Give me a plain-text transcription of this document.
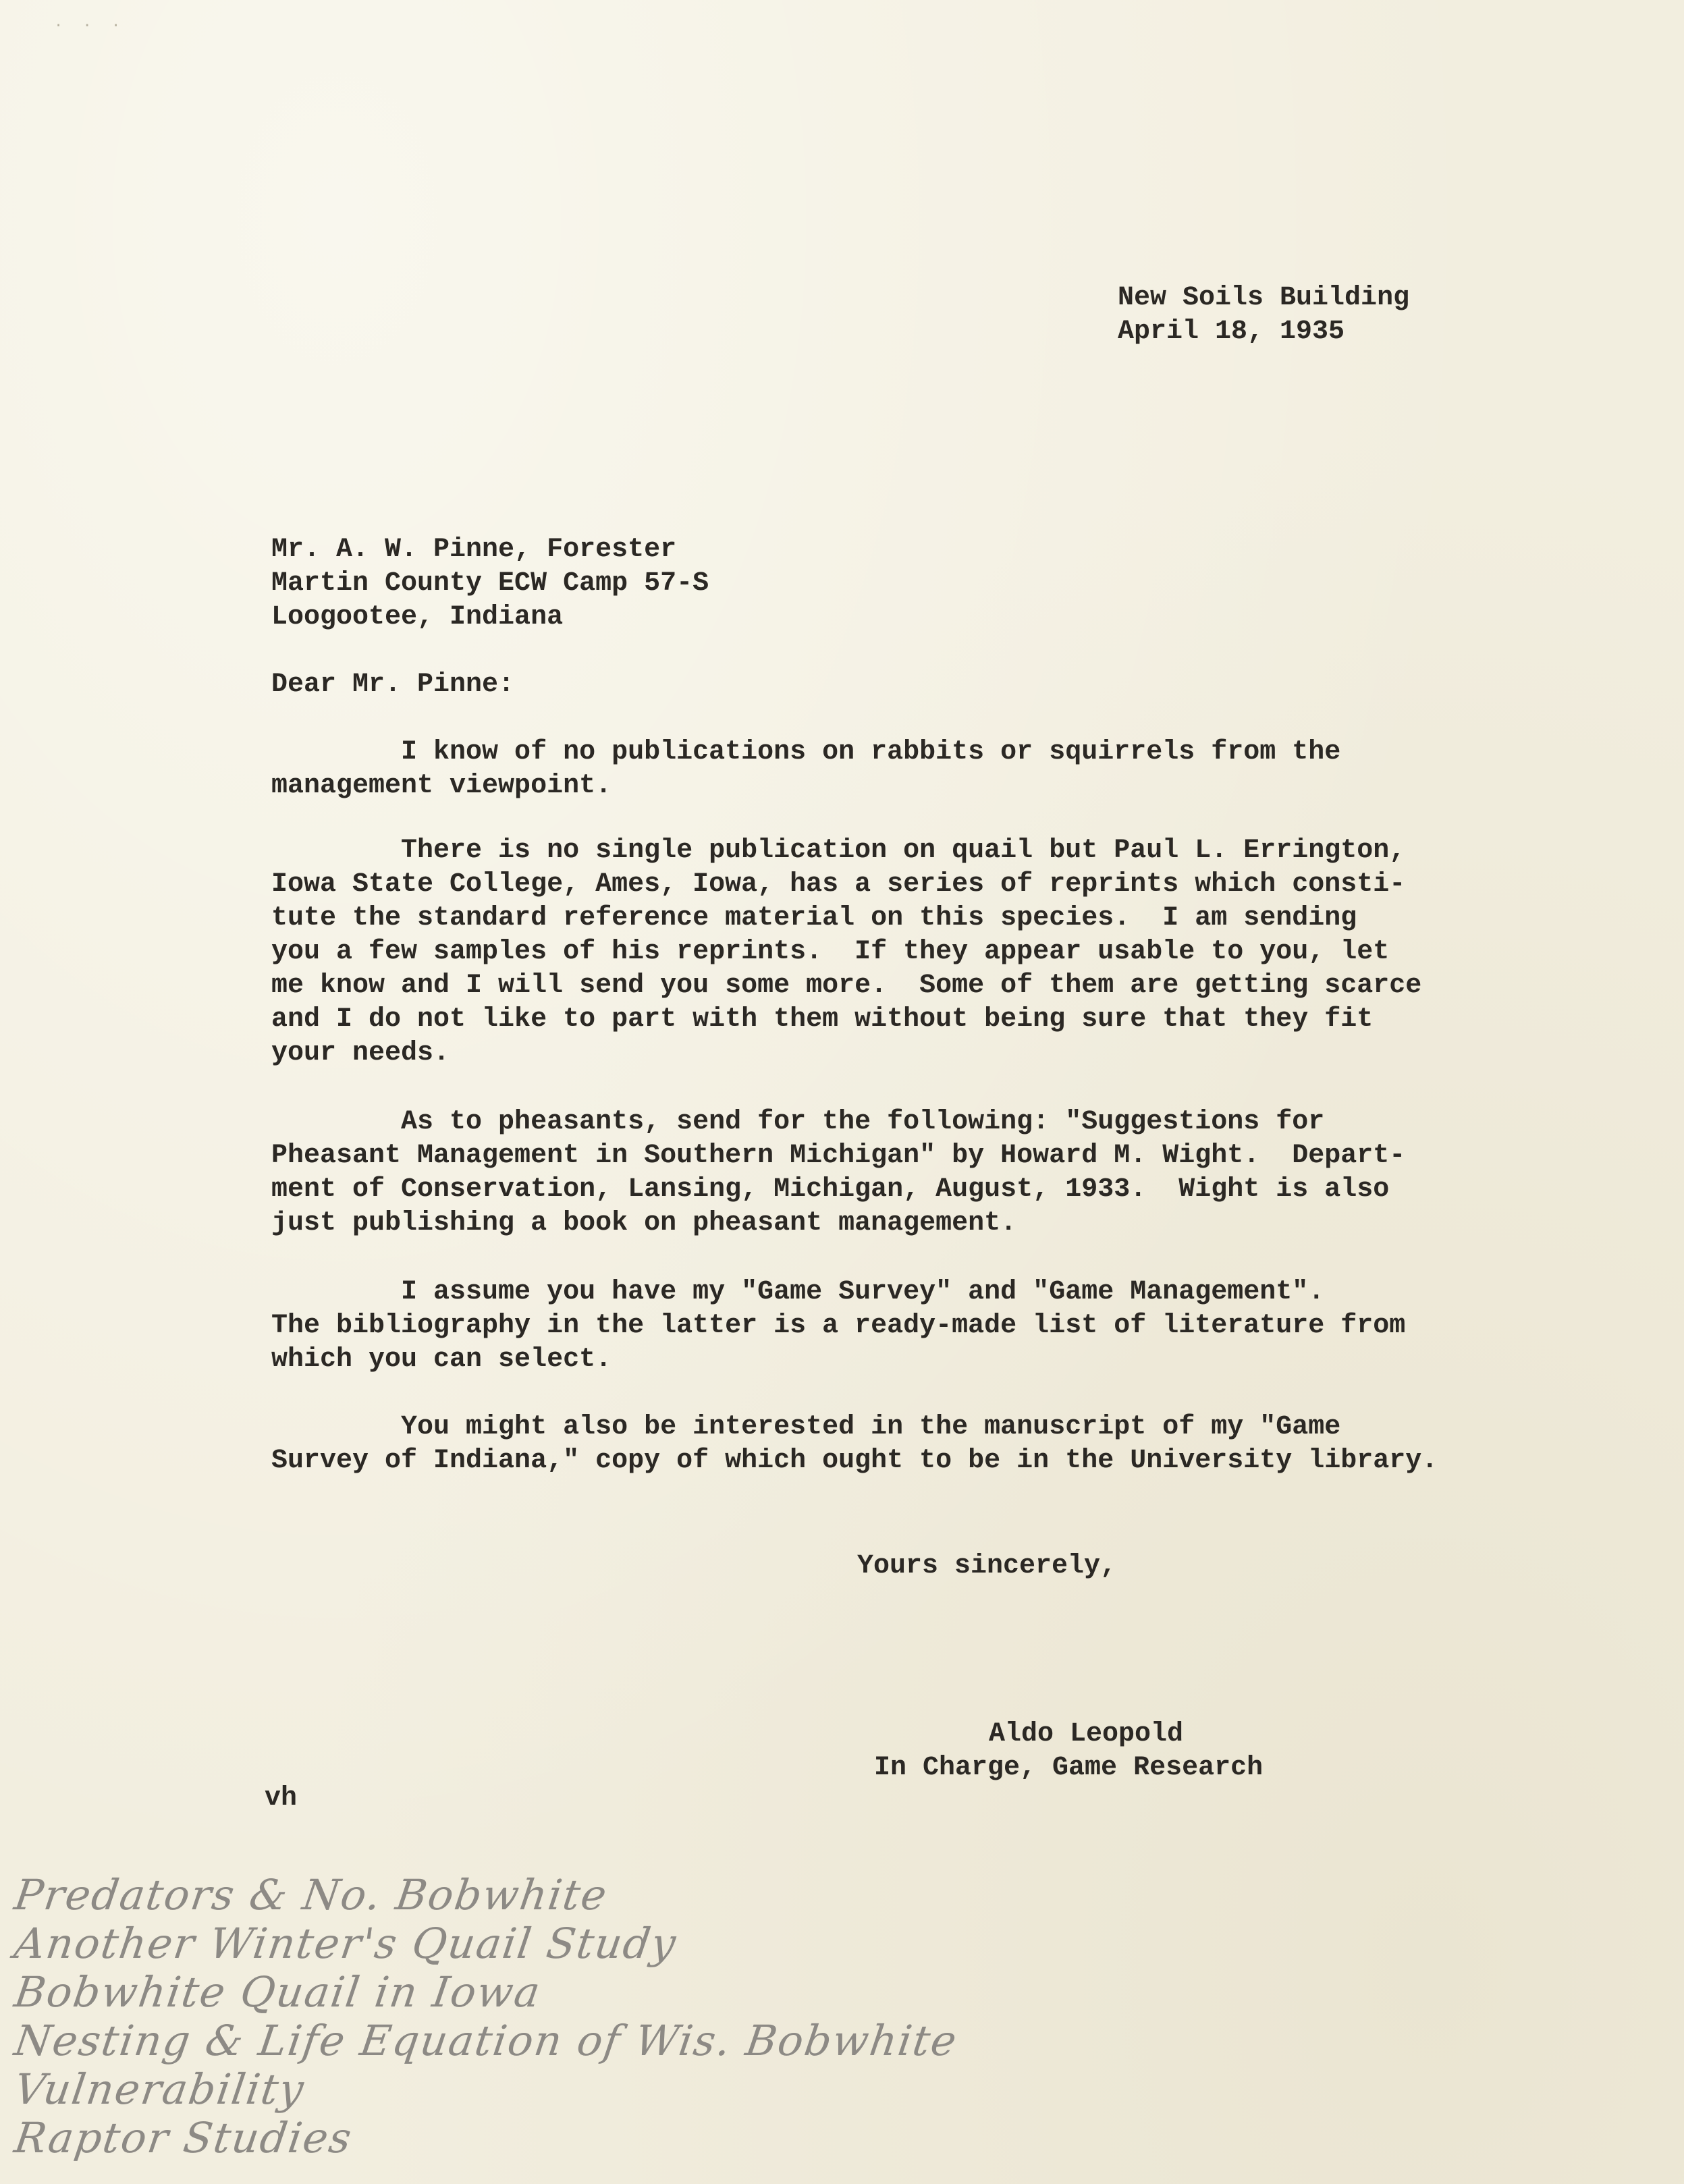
· · ·
New Soils Building
April 18, 1935
Mr. A. W. Pinne, Forester
Martin County ECW Camp 57-S
Loogootee, Indiana
Dear Mr. Pinne:
I know of no publications on rabbits or squirrels from the
management viewpoint.
There is no single publication on quail but Paul L. Errington,
Iowa State College, Ames, Iowa, has a series of reprints which consti-
tute the standard reference material on this species.  I am sending
you a few samples of his reprints.  If they appear usable to you, let
me know and I will send you some more.  Some of them are getting scarce
and I do not like to part with them without being sure that they fit
your needs.
As to pheasants, send for the following: "Suggestions for
Pheasant Management in Southern Michigan" by Howard M. Wight.  Depart-
ment of Conservation, Lansing, Michigan, August, 1933.  Wight is also
just publishing a book on pheasant management.
I assume you have my "Game Survey" and "Game Management".
The bibliography in the latter is a ready-made list of literature from
which you can select.
You might also be interested in the manuscript of my "Game
Survey of Indiana," copy of which ought to be in the University library.
Yours sincerely,
Aldo Leopold
In Charge, Game Research
vh
Predators & No. Bobwhite
Another Winter's Quail Study
Bobwhite Quail in Iowa
Nesting & Life Equation of Wis. Bobwhite
Vulnerability
Raptor Studies
